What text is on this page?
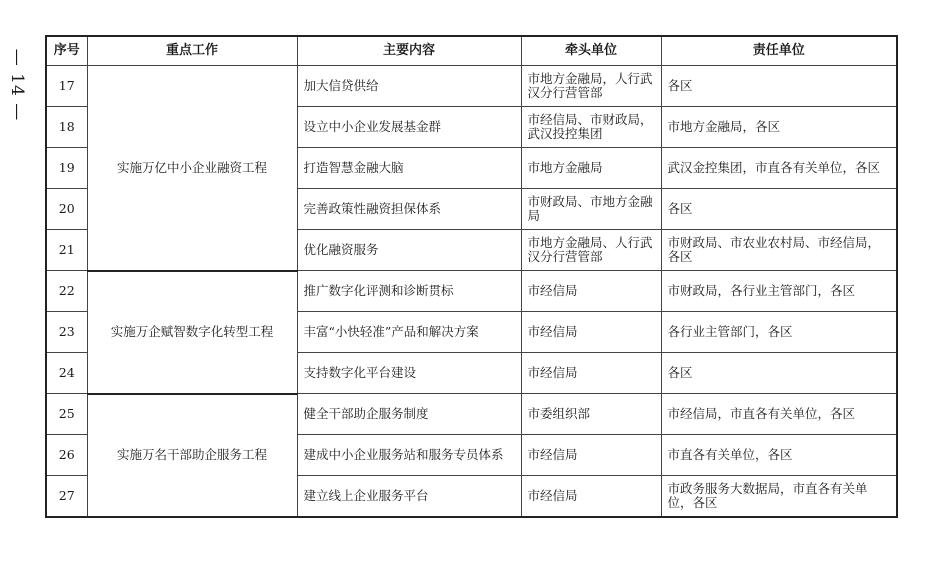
— 14 — 序号	重点工作	主要内容	牵头单位	责任单位
17	实施万亿中小企业融资工程	加大信贷供给	市地方金融局，人行武汉分行营管部	各区
18		设立中小企业发展基金群	市经信局、市财政局，武汉投控集团	市地方金融局，各区
19		打造智慧金融大脑	市地方金融局	武汉金控集团，市直各有关单位，各区
20		完善政策性融资担保体系	市财政局、市地方金融局	各区
21		优化融资服务	市地方金融局、人行武汉分行营管部	市财政局、市农业农村局、市经信局，各区
22	实施万企赋智数字化转型工程	推广数字化评测和诊断贯标	市经信局	市财政局，各行业主管部门，各区
23		丰富“小快轻准”产品和解决方案	市经信局	各行业主管部门，各区
24		支持数字化平台建设	市经信局	各区
25	实施万名干部助企服务工程	健全干部助企服务制度	市委组织部	市经信局，市直各有关单位，各区
26		建成中小企业服务站和服务专员体系	市经信局	市直各有关单位，各区
27		建立线上企业服务平台	市经信局	市政务服务大数据局，市直各有关单位，各区
